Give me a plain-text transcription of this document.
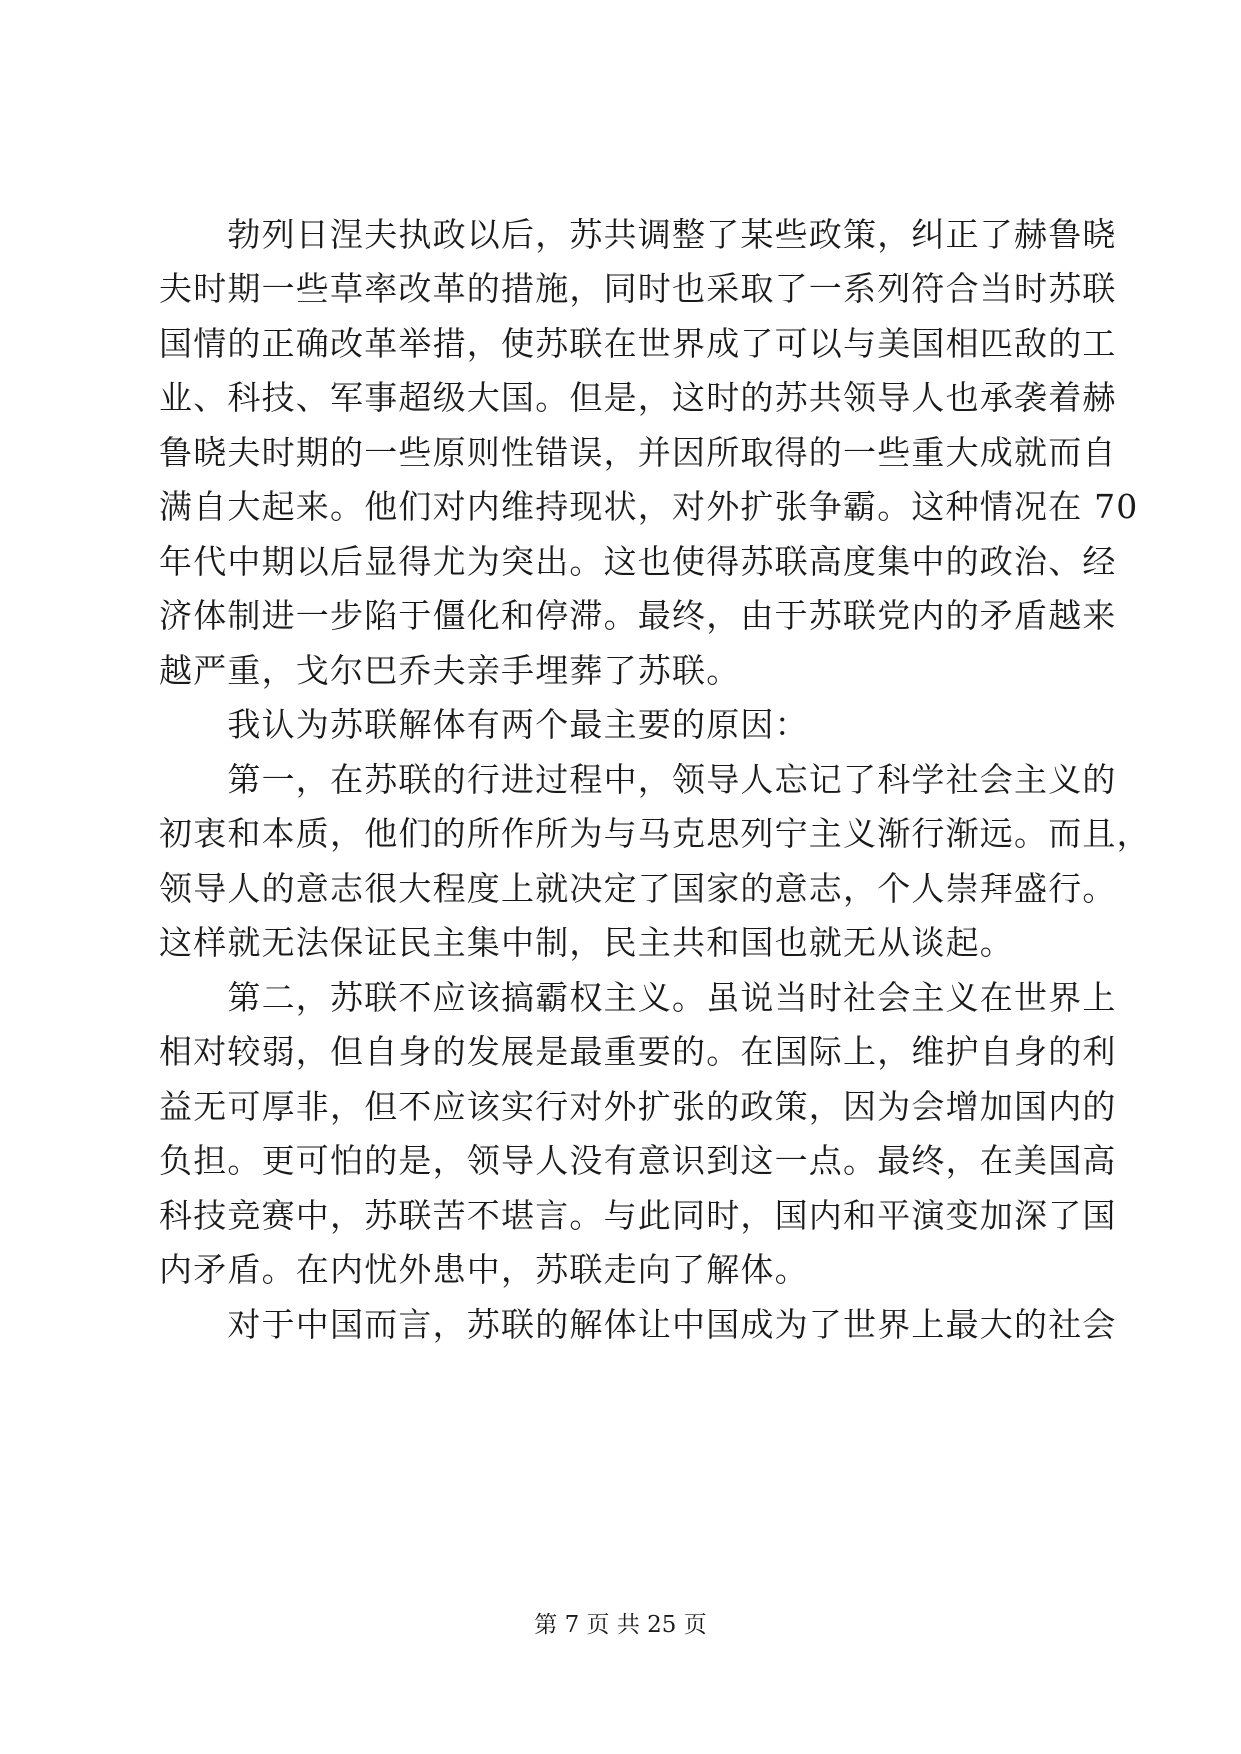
　　勃列日涅夫执政以后，苏共调整了某些政策，纠正了赫鲁晓
夫时期一些草率改革的措施，同时也采取了一系列符合当时苏联
国情的正确改革举措，使苏联在世界成了可以与美国相匹敌的工
业、科技、军事超级大国。但是，这时的苏共领导人也承袭着赫
鲁晓夫时期的一些原则性错误，并因所取得的一些重大成就而自
满自大起来。他们对内维持现状，对外扩张争霸。这种情况在 70
年代中期以后显得尤为突出。这也使得苏联高度集中的政治、经
济体制进一步陷于僵化和停滞。最终，由于苏联党内的矛盾越来
越严重，戈尔巴乔夫亲手埋葬了苏联。
　　我认为苏联解体有两个最主要的原因：
　　第一，在苏联的行进过程中，领导人忘记了科学社会主义的
初衷和本质，他们的所作所为与马克思列宁主义渐行渐远。而且，
领导人的意志很大程度上就决定了国家的意志，个人崇拜盛行。
这样就无法保证民主集中制，民主共和国也就无从谈起。
　　第二，苏联不应该搞霸权主义。虽说当时社会主义在世界上
相对较弱，但自身的发展是最重要的。在国际上，维护自身的利
益无可厚非，但不应该实行对外扩张的政策，因为会增加国内的
负担。更可怕的是，领导人没有意识到这一点。最终，在美国高
科技竞赛中，苏联苦不堪言。与此同时，国内和平演变加深了国
内矛盾。在内忧外患中，苏联走向了解体。
　　对于中国而言，苏联的解体让中国成为了世界上最大的社会
第 7 页 共 25 页
